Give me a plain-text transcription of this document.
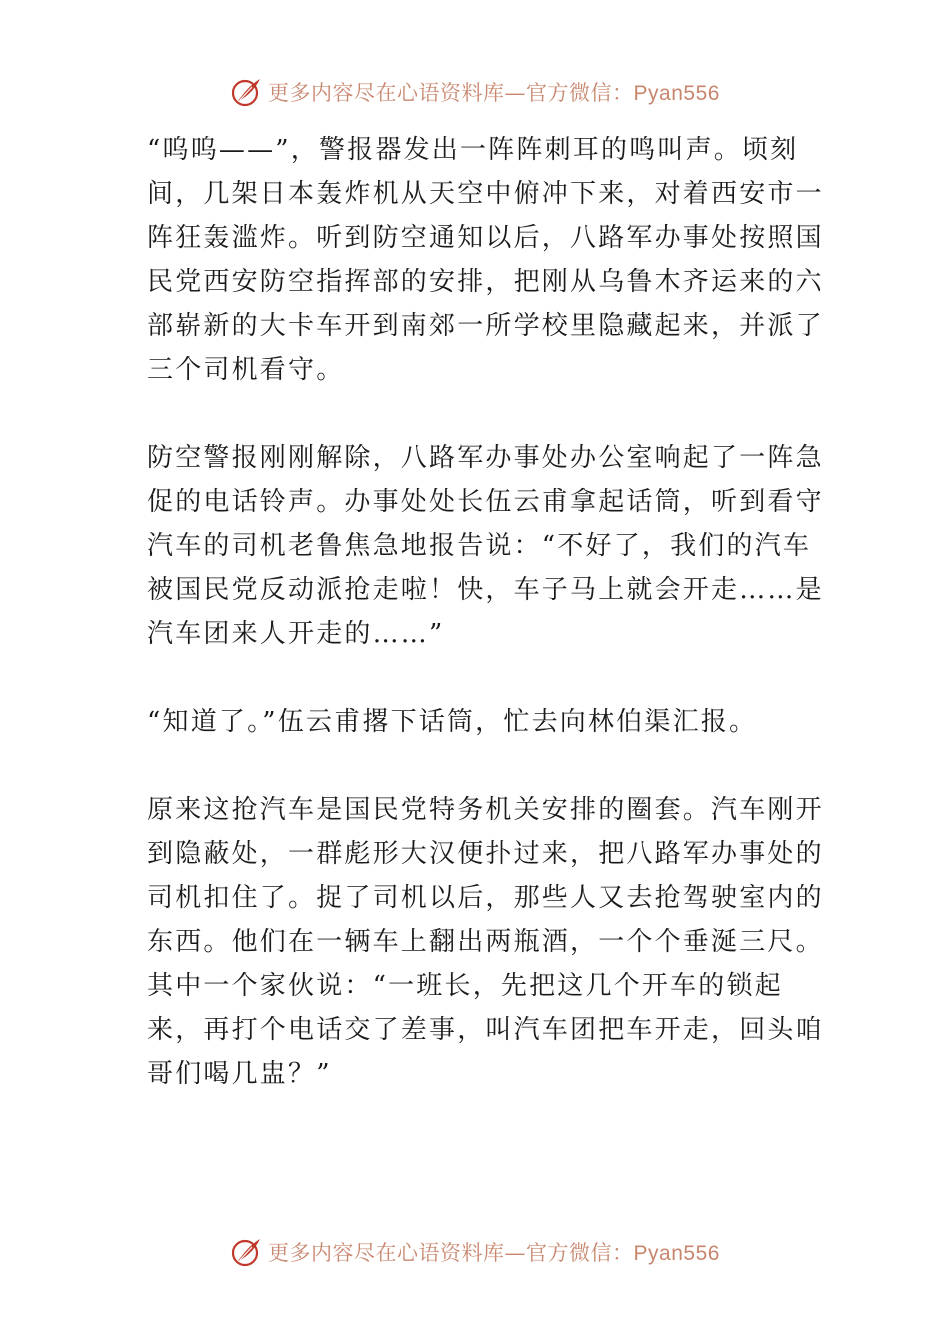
更多内容尽在心语资料库—官方微信：Pyan556

“呜呜——”，警报器发出一阵阵刺耳的鸣叫声。顷刻间，几架日本轰炸机从天空中俯冲下来，对着西安市一阵狂轰滥炸。听到防空通知以后，八路军办事处按照国民党西安防空指挥部的安排，把刚从乌鲁木齐运来的六部崭新的大卡车开到南郊一所学校里隐藏起来，并派了三个司机看守。

防空警报刚刚解除，八路军办事处办公室响起了一阵急促的电话铃声。办事处处长伍云甫拿起话筒，听到看守汽车的司机老鲁焦急地报告说：“不好了，我们的汽车被国民党反动派抢走啦！快，车子马上就会开走……是汽车团来人开走的……”

“知道了。”伍云甫撂下话筒，忙去向林伯渠汇报。

原来这抢汽车是国民党特务机关安排的圈套。汽车刚开到隐蔽处，一群彪形大汉便扑过来，把八路军办事处的司机扣住了。捉了司机以后，那些人又去抢驾驶室内的东西。他们在一辆车上翻出两瓶酒，一个个垂涎三尺。其中一个家伙说：“一班长，先把这几个开车的锁起来，再打个电话交了差事，叫汽车团把车开走，回头咱哥们喝几盅？”

更多内容尽在心语资料库—官方微信：Pyan556
